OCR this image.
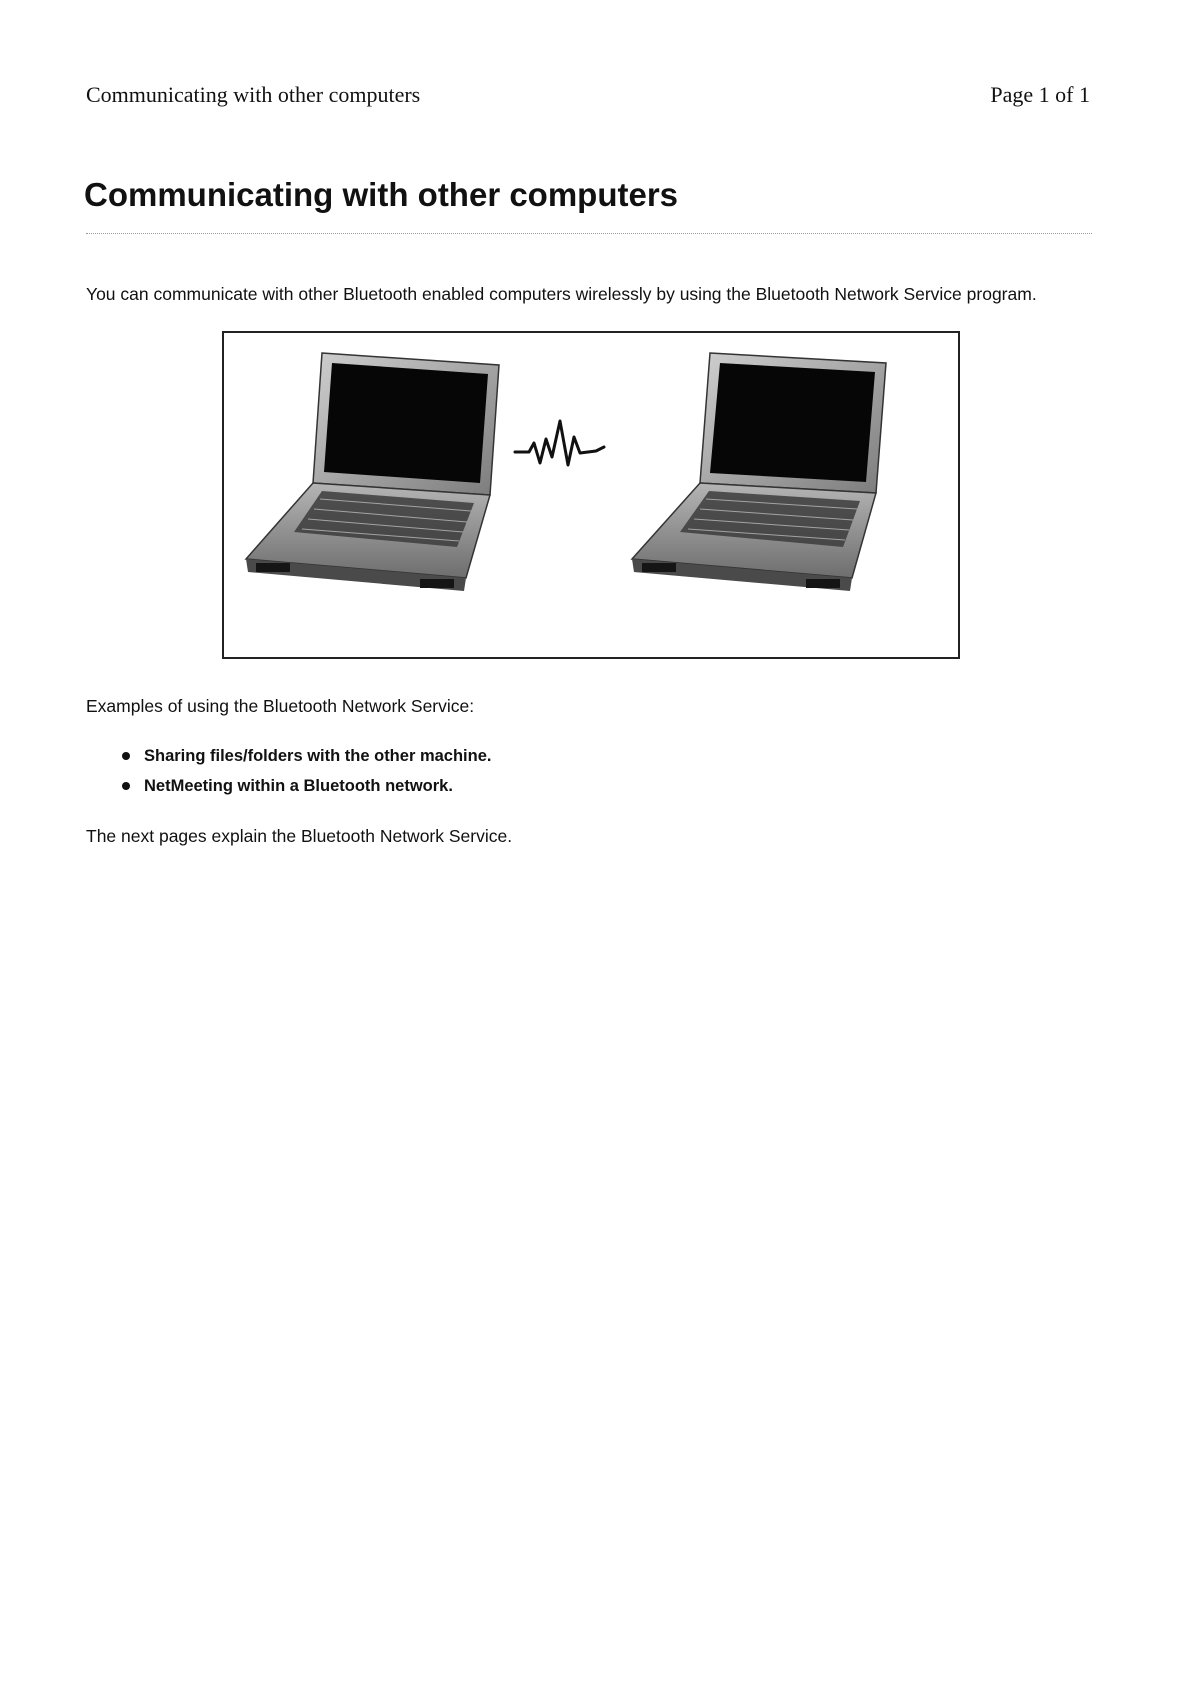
Communicating with other computers	Page 1 of 1
Communicating with other computers

You can communicate with other Bluetooth enabled computers wirelessly by using the Bluetooth Network Service program.

Examples of using the Bluetooth Network Service:

Sharing files/folders with the other machine.
NetMeeting within a Bluetooth network.

The next pages explain the Bluetooth Network Service.
